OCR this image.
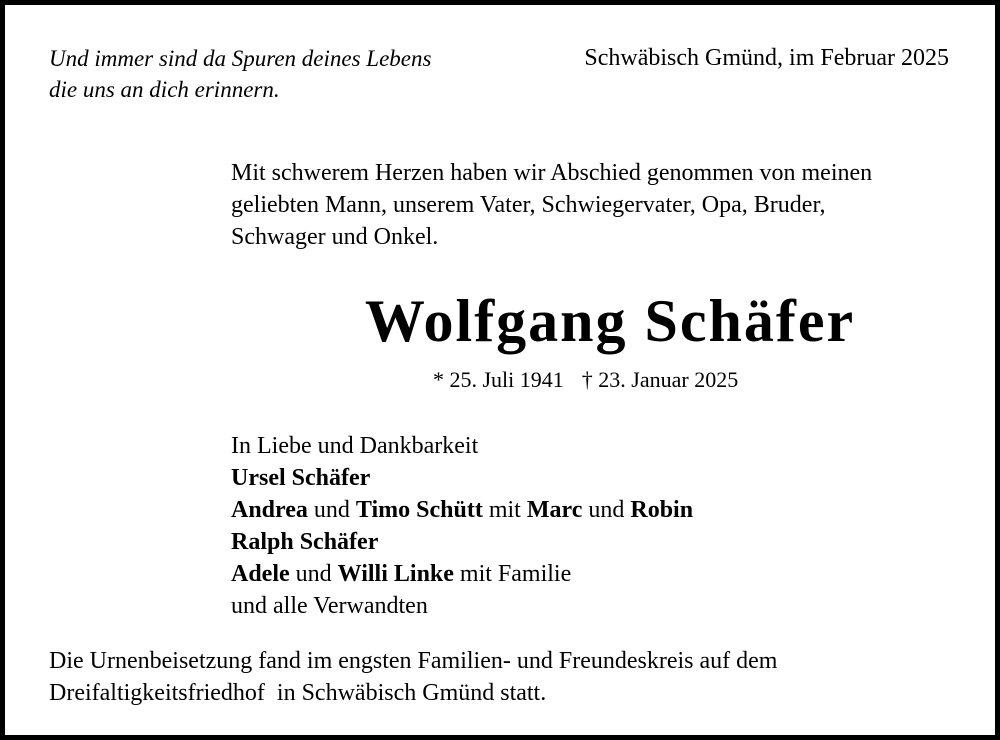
Und immer sind da Spuren deines Lebens
die uns an dich erinnern.
Schwäbisch Gmünd, im Februar 2025
Mit schwerem Herzen haben wir Abschied genommen von meinen
geliebten Mann, unserem Vater, Schwiegervater, Opa, Bruder,
Schwager und Onkel.
Wolfgang Schäfer
* 25. Juli 1941 † 23. Januar 2025
In Liebe und Dankbarkeit
Ursel Schäfer
Andrea und Timo Schütt mit Marc und Robin
Ralph Schäfer
Adele und Willi Linke mit Familie
und alle Verwandten
Die Urnenbeisetzung fand im engsten Familien- und Freundeskreis auf dem
Dreifaltigkeitsfriedhof  in Schwäbisch Gmünd statt.
